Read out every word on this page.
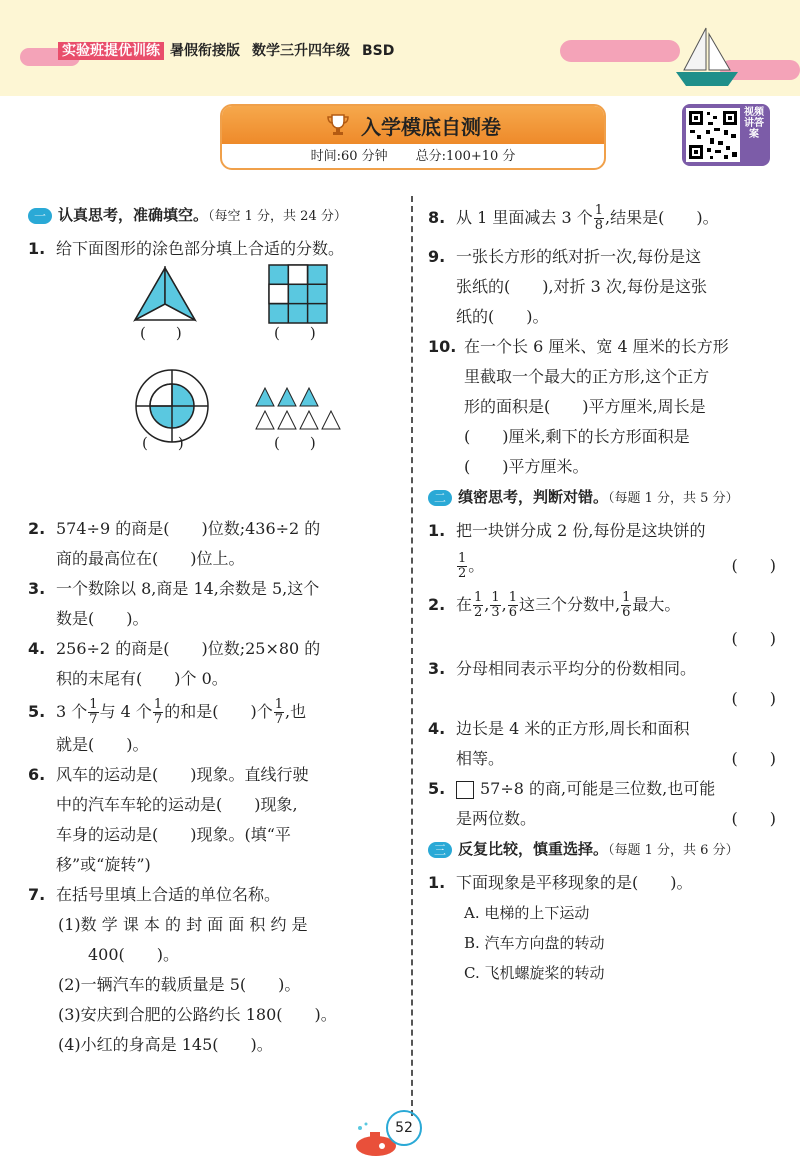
实验班提优训练 暑假衔接版 数学三升四年级 BSD
入学模底自测卷
时间:60 分钟 总分:100+10 分
视频讲答案
一 认真思考，准确填空。（每空 1 分，共 24 分）
1. 给下面图形的涂色部分填上合适的分数。
(　　)	(　　)
(　　)	(　　)
2. 574÷9 的商是(　　)位数;436÷2 的
商的最高位在(　　)位上。
3. 一个数除以 8,商是 14,余数是 5,这个
数是(　　)。
4. 256÷2 的商是(　　)位数;25×80 的
积的末尾有(　　)个 0。
5. 3 个 $\frac{1}{7}$ 与 4 个 $\frac{1}{7}$ 的和是(　　)个 $\frac{1}{7}$ ,也
就是(　　)。
6. 风车的运动是(　　)现象。直线行驶
中的汽车车轮的运动是(　　)现象,
车身的运动是(　　)现象。(填“平
移”或“旋转”)
7. 在括号里填上合适的单位名称。
(1)数 学 课 本 的 封 面 面 积 约 是
400(　　)。
(2)一辆汽车的载质量是 5(　　)。
(3)安庆到合肥的公路约长 180(　　)。
(4)小红的身高是 145(　　)。
8. 从 1 里面减去 3 个 $\frac{1}{8}$ ,结果是(　　)。
9. 一张长方形的纸对折一次,每份是这
张纸的(　　),对折 3 次,每份是这张
纸的(　　)。
10. 在一个长 6 厘米、宽 4 厘米的长方形
里截取一个最大的正方形,这个正方
形的面积是(　　)平方厘米,周长是
(　　)厘米,剩下的长方形面积是
(　　)平方厘米。
二 缜密思考，判断对错。（每题 1 分，共 5 分）
1. 把一块饼分成 2 份,每份是这块饼的
$\frac{1}{2}$ 。	(　　)
2. 在 $\frac{1}{2}$ , $\frac{1}{3}$ , $\frac{1}{6}$ 这三个分数中, $\frac{1}{6}$ 最大。
(　　)
3. 分母相同表示平均分的份数相同。
(　　)
4. 边长是 4 米的正方形,周长和面积
相等。	(　　)
5.	57÷8 的商,可能是三位数,也可能
是两位数。	(　　)
三 反复比较，慎重选择。（每题 1 分，共 6 分）
1. 下面现象是平移现象的是(　　)。
A. 电梯的上下运动
B. 汽车方向盘的转动
C. 飞机螺旋桨的转动
52
